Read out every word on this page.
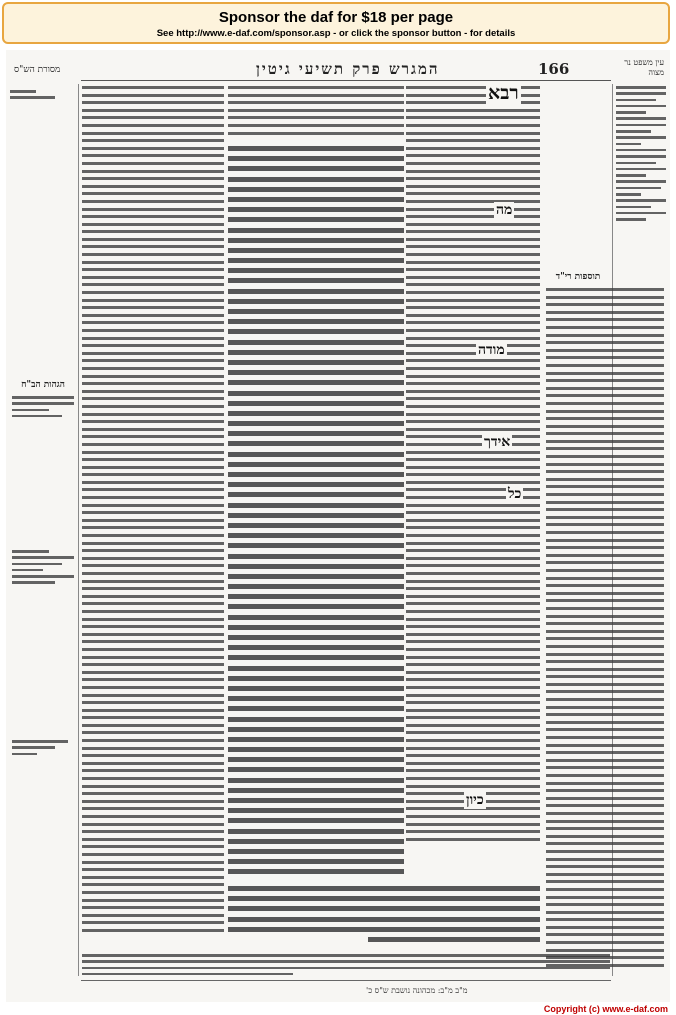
Sponsor the daf for $18 per page
See http://www.e-daf.com/sponsor.asp - or click the sponsor button - for details
מסורת הש"ס	המגרש פרק תשיעי גיטין	166	עין משפט נר מצוה
הגהות הב"ח
תוספות רי"ד
רבא
מה
מודה
אידך
כל
כיון
מ"ב מ"ב: מכהונה נושבת ש"ס כ'
Copyright (c) www.e-daf.com
